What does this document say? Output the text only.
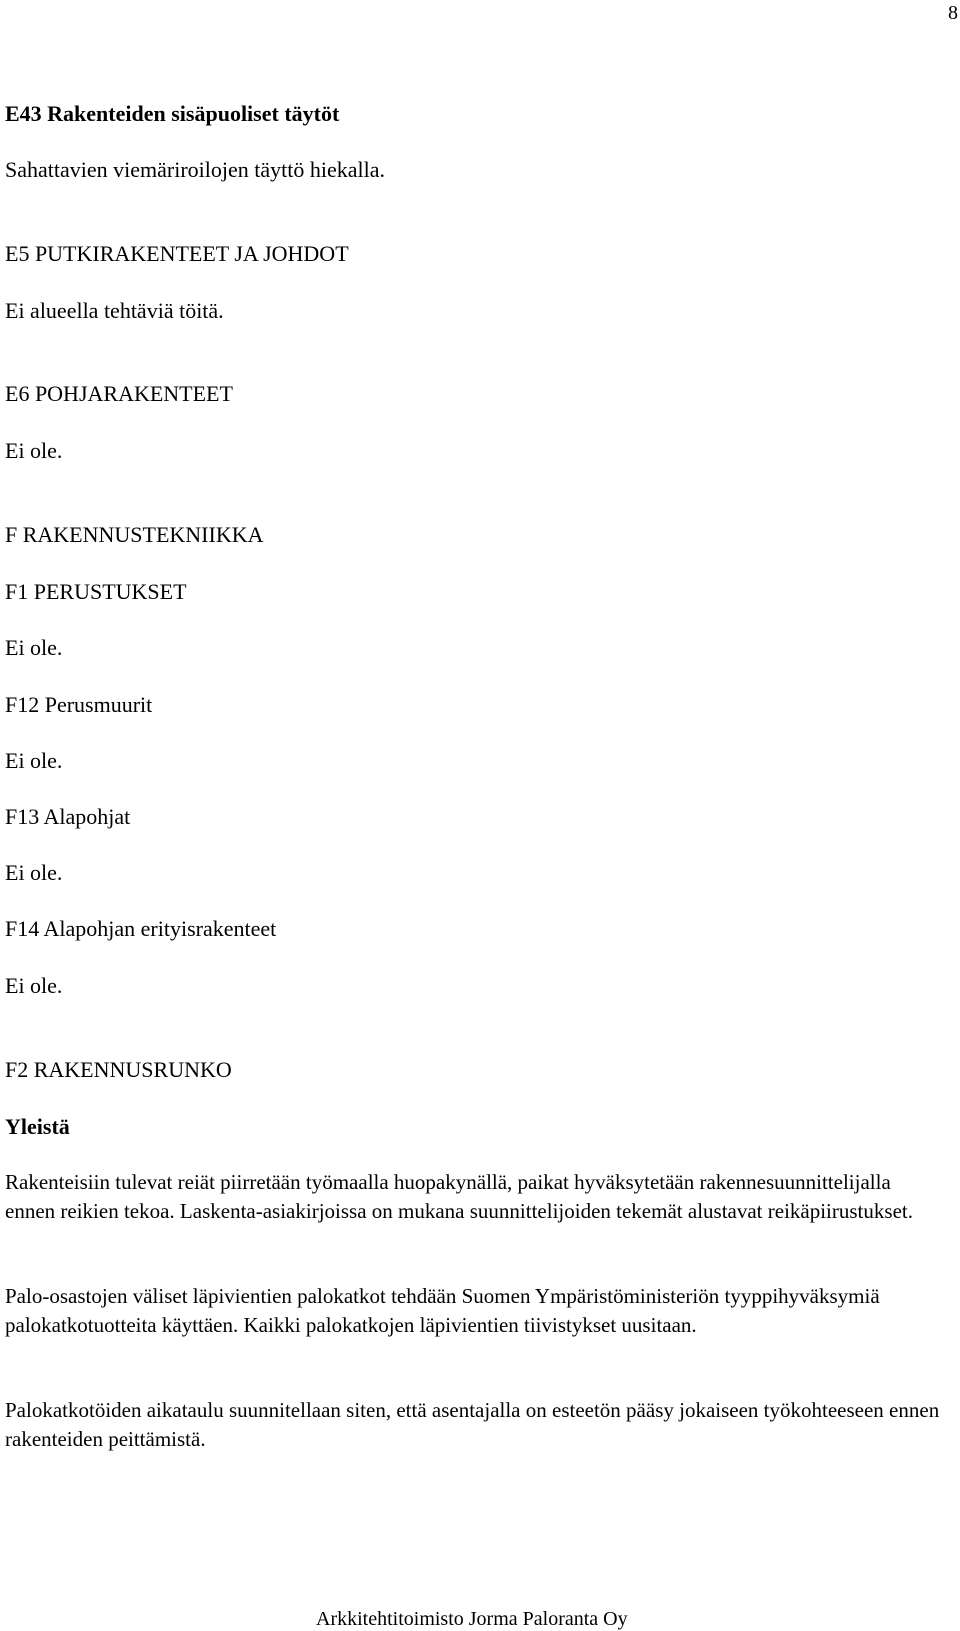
8
E43 Rakenteiden sisäpuoliset täytöt
Sahattavien viemäriroilojen täyttö hiekalla.
E5 PUTKIRAKENTEET JA JOHDOT
Ei alueella tehtäviä töitä.
E6 POHJARAKENTEET
Ei ole.
F RAKENNUSTEKNIIKKA
F1 PERUSTUKSET
Ei ole.
F12 Perusmuurit
Ei ole.
F13 Alapohjat
Ei ole.
F14 Alapohjan erityisrakenteet
Ei ole.
F2 RAKENNUSRUNKO
Yleistä
Rakenteisiin tulevat reiät piirretään työmaalla huopakynällä, paikat hyväksytetään rakennesuunnittelijalla ennen reikien tekoa. Laskenta-asiakirjoissa on mukana suunnittelijoiden tekemät alustavat reikäpiirustukset.
Palo-osastojen väliset läpivientien palokatkot tehdään Suomen Ympäristöministeriön tyyppihyväksymiä palokatkotuotteita käyttäen. Kaikki palokatkojen läpivientien tiivistykset uusitaan.
Palokatkotöiden aikataulu suunnitellaan siten, että asentajalla on esteetön pääsy jokaiseen työkohteeseen ennen rakenteiden peittämistä.
Arkkitehtitoimisto Jorma Paloranta Oy
